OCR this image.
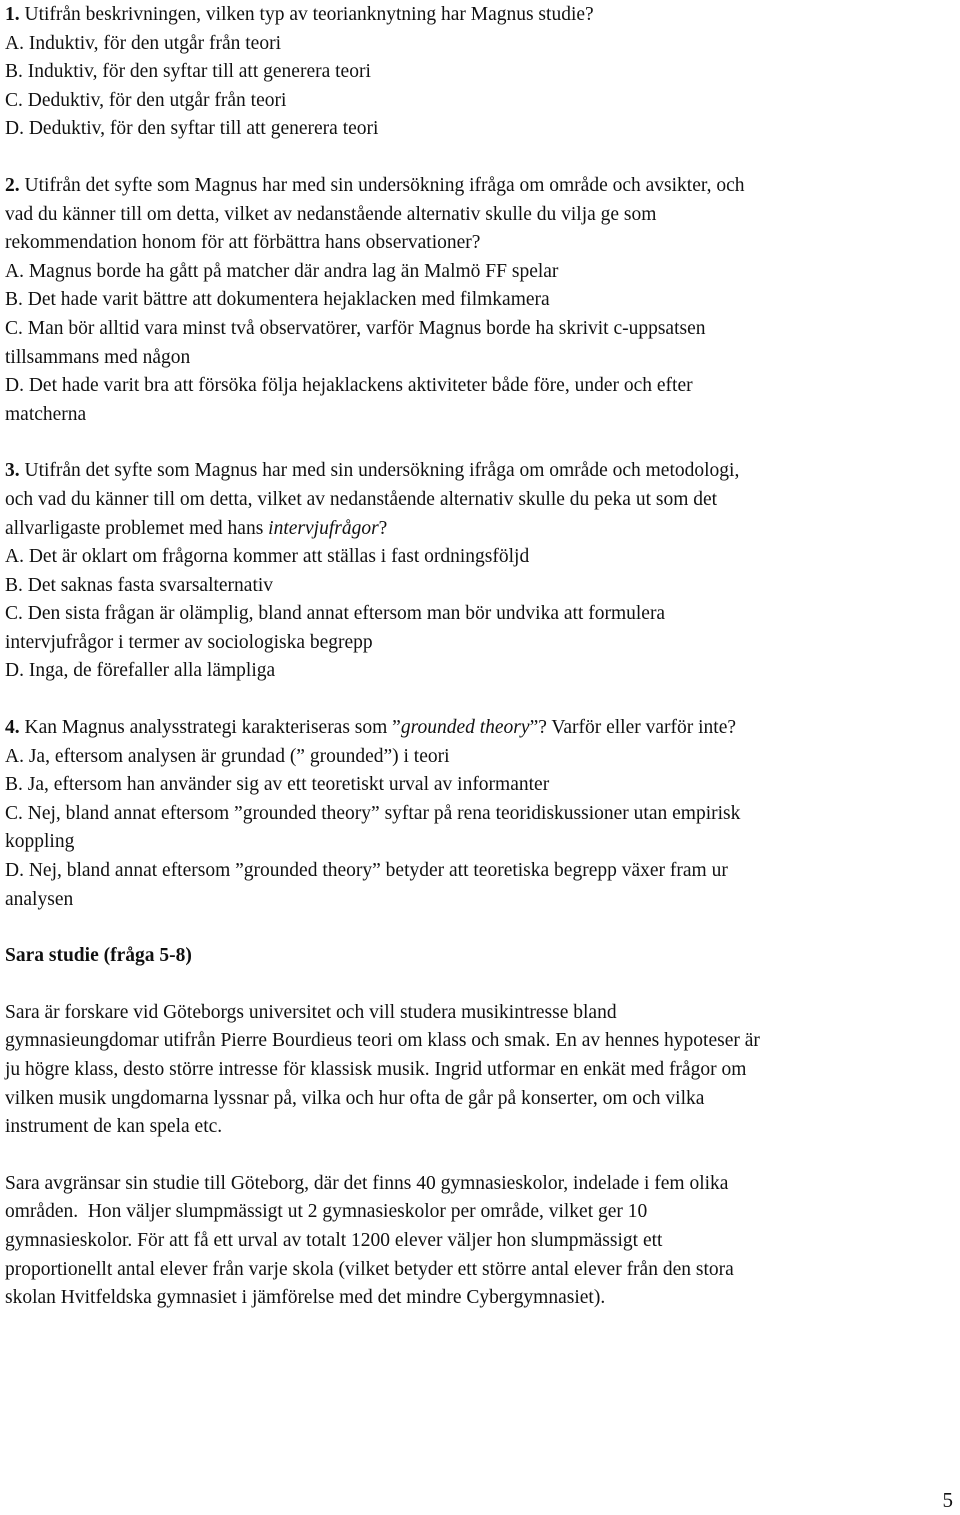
1. Utifrån beskrivningen, vilken typ av teorianknytning har Magnus studie?
A. Induktiv, för den utgår från teori
B. Induktiv, för den syftar till att generera teori
C. Deduktiv, för den utgår från teori
D. Deduktiv, för den syftar till att generera teori
2. Utifrån det syfte som Magnus har med sin undersökning ifråga om område och avsikter, och
vad du känner till om detta, vilket av nedanstående alternativ skulle du vilja ge som
rekommendation honom för att förbättra hans observationer?
A. Magnus borde ha gått på matcher där andra lag än Malmö FF spelar
B. Det hade varit bättre att dokumentera hejaklacken med filmkamera
C. Man bör alltid vara minst två observatörer, varför Magnus borde ha skrivit c-uppsatsen
tillsammans med någon
D. Det hade varit bra att försöka följa hejaklackens aktiviteter både före, under och efter
matcherna
3. Utifrån det syfte som Magnus har med sin undersökning ifråga om område och metodologi,
och vad du känner till om detta, vilket av nedanstående alternativ skulle du peka ut som det
allvarligaste problemet med hans intervjufrågor?
A. Det är oklart om frågorna kommer att ställas i fast ordningsföljd
B. Det saknas fasta svarsalternativ
C. Den sista frågan är olämplig, bland annat eftersom man bör undvika att formulera
intervjufrågor i termer av sociologiska begrepp
D. Inga, de förefaller alla lämpliga
4. Kan Magnus analysstrategi karakteriseras som ”grounded theory”? Varför eller varför inte?
A. Ja, eftersom analysen är grundad (” grounded”) i teori
B. Ja, eftersom han använder sig av ett teoretiskt urval av informanter
C. Nej, bland annat eftersom ”grounded theory” syftar på rena teoridiskussioner utan empirisk
koppling
D. Nej, bland annat eftersom ”grounded theory” betyder att teoretiska begrepp växer fram ur
analysen
Sara studie (fråga 5-8)
Sara är forskare vid Göteborgs universitet och vill studera musikintresse bland
gymnasieungdomar utifrån Pierre Bourdieus teori om klass och smak. En av hennes hypoteser är
ju högre klass, desto större intresse för klassisk musik. Ingrid utformar en enkät med frågor om
vilken musik ungdomarna lyssnar på, vilka och hur ofta de går på konserter, om och vilka
instrument de kan spela etc.
Sara avgränsar sin studie till Göteborg, där det finns 40 gymnasieskolor, indelade i fem olika
områden.  Hon väljer slumpmässigt ut 2 gymnasieskolor per område, vilket ger 10
gymnasieskolor. För att få ett urval av totalt 1200 elever väljer hon slumpmässigt ett
proportionellt antal elever från varje skola (vilket betyder ett större antal elever från den stora
skolan Hvitfeldska gymnasiet i jämförelse med det mindre Cybergymnasiet).
5
